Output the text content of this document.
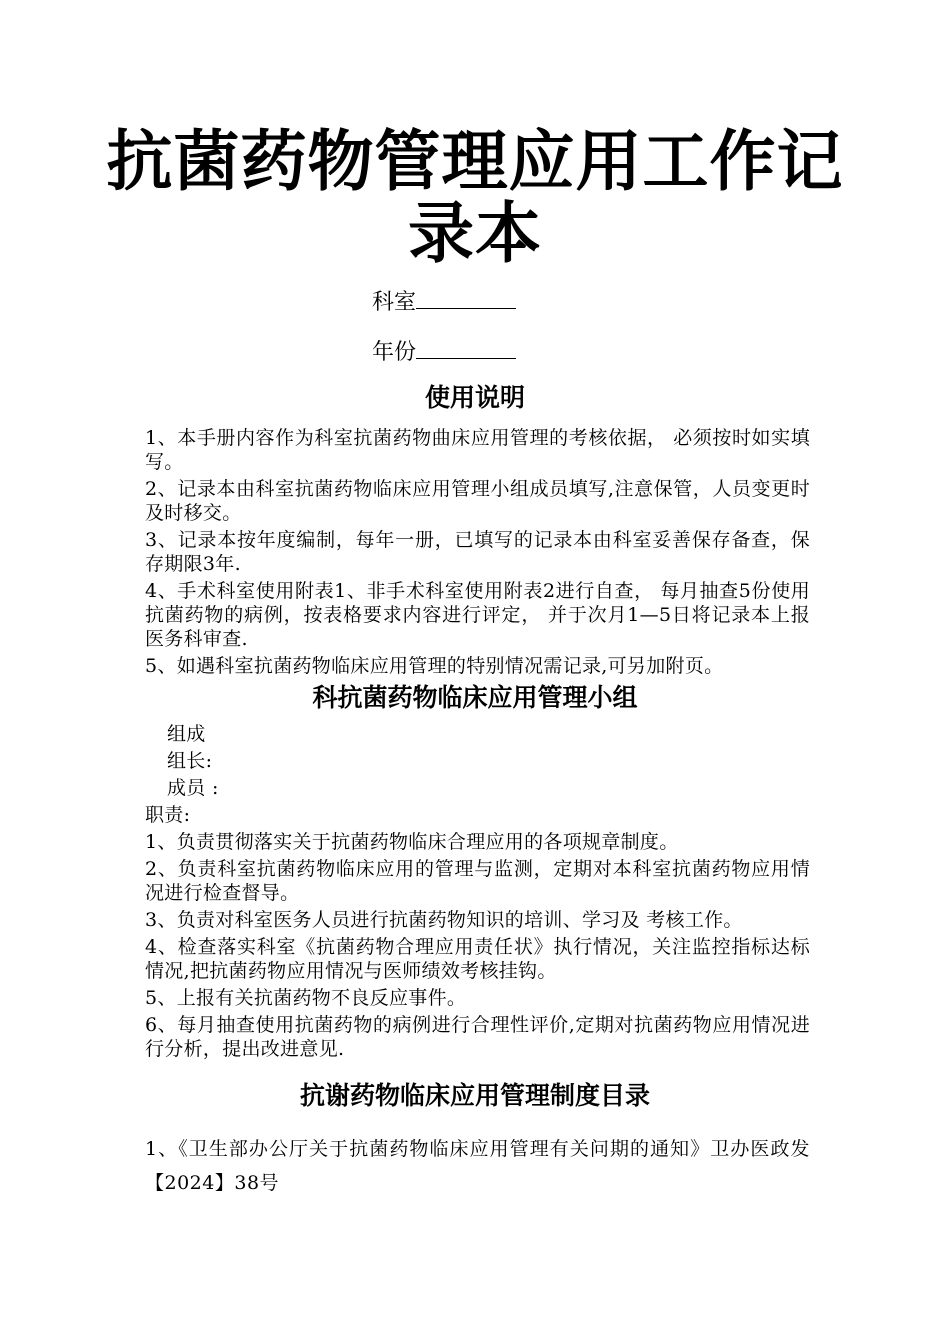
抗菌药物管理应用工作记录本
科室
年份
使用说明

1、本手册内容作为科室抗菌药物曲床应用管理的考核依据， 必须按时如实填写。

2、记录本由科室抗菌药物临床应用管理小组成员填写,注意保管，人员变更时及时移交。

3、记录本按年度编制，每年一册，已填写的记录本由科室妥善保存备查，保存期限3年.

4、手术科室使用附表1、非手术科室使用附表2进行自查， 每月抽查5份使用抗菌药物的病例，按表格要求内容进行评定， 并于次月1—5日将记录本上报医务科审查.

5、如遇科室抗菌药物临床应用管理的特别情况需记录,可另加附页。

科抗菌药物临床应用管理小组

组成

组长:

成员 :

职责:

1、负责贯彻落实关于抗菌药物临床合理应用的各项规章制度。

2、负责科室抗菌药物临床应用的管理与监测，定期对本科室抗菌药物应用情况进行检查督导。

3、负责对科室医务人员进行抗菌药物知识的培训、学习及 考核工作。

4、检查落实科室《抗菌药物合理应用责任状》执行情况，关注监控指标达标情况,把抗菌药物应用情况与医师绩效考核挂钩。

5、上报有关抗菌药物不良反应事件。

6、每月抽查使用抗菌药物的病例进行合理性评价,定期对抗菌药物应用情况进行分析，提出改进意见.

抗谢药物临床应用管理制度目录
1、《卫生部办公厅关于抗菌药物临床应用管理有关问期的通知》卫办医政发【2024】38号
